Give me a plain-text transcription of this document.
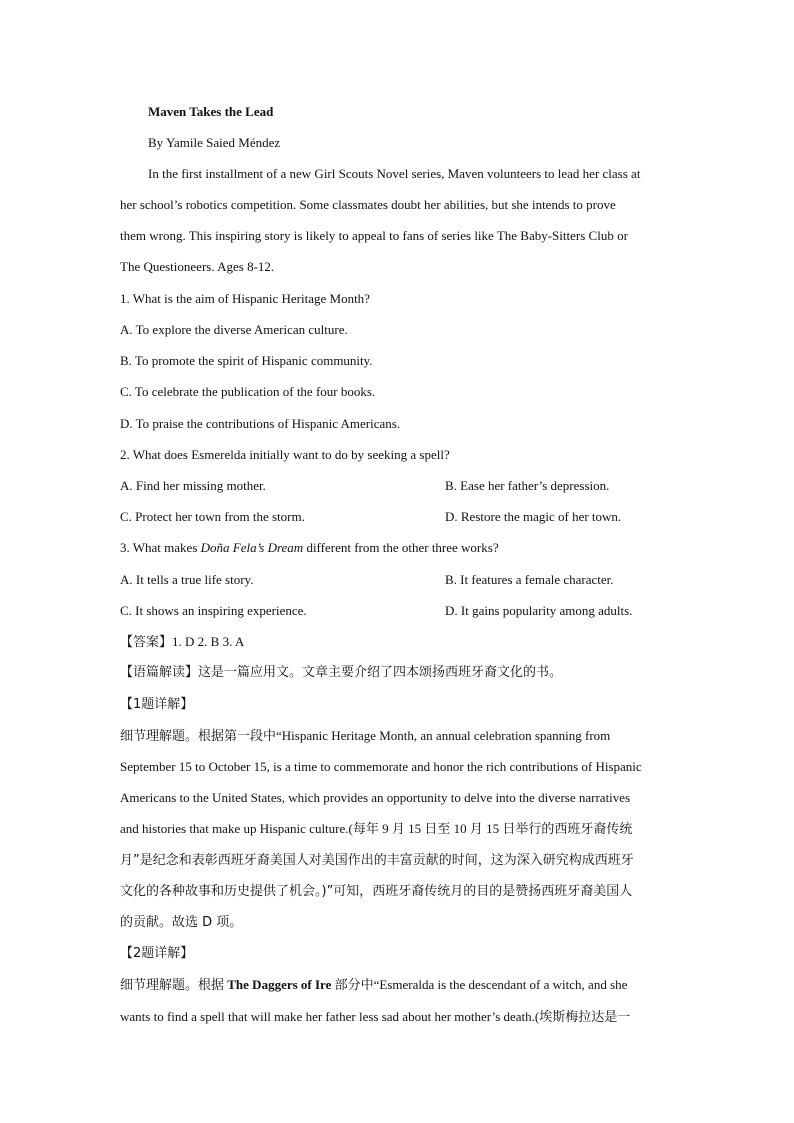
Maven Takes the Lead
By Yamile Saied Méndez
In the first installment of a new Girl Scouts Novel series, Maven volunteers to lead her class at
her school’s robotics competition. Some classmates doubt her abilities, but she intends to prove
them wrong. This inspiring story is likely to appeal to fans of series like The Baby-Sitters Club or
The Questioneers. Ages 8-12.
1. What is the aim of Hispanic Heritage Month?
A. To explore the diverse American culture.
B. To promote the spirit of Hispanic community.
C. To celebrate the publication of the four books.
D. To praise the contributions of Hispanic Americans.
2. What does Esmerelda initially want to do by seeking a spell?
A. Find her missing mother.	B. Ease her father’s depression.
C. Protect her town from the storm.	D. Restore the magic of her town.
3. What makes Doña Fela’s Dream different from the other three works?
A. It tells a true life story.	B. It features a female character.
C. It shows an inspiring experience.	D. It gains popularity among adults.
【答案】1. D 2. B 3. A
【语篇解读】这是一篇应用文。文章主要介绍了四本颂扬西班牙裔文化的书。
【1题详解】
细节理解题。根据第一段中“Hispanic Heritage Month, an annual celebration spanning from
September 15 to October 15, is a time to commemorate and honor the rich contributions of Hispanic
Americans to the United States, which provides an opportunity to delve into the diverse narratives
and histories that make up Hispanic culture.(每年 9 月 15 日至 10 月 15 日举行的西班牙裔传统
月”是纪念和表彰西班牙裔美国人对美国作出的丰富贡献的时间，这为深入研究构成西班牙
文化的各种故事和历史提供了机会。)”可知，西班牙裔传统月的目的是赞扬西班牙裔美国人
的贡献。故选 D 项。
【2题详解】
细节理解题。根据 The Daggers of Ire 部分中“Esmeralda is the descendant of a witch, and she
wants to find a spell that will make her father less sad about her mother’s death.(埃斯梅拉达是一
